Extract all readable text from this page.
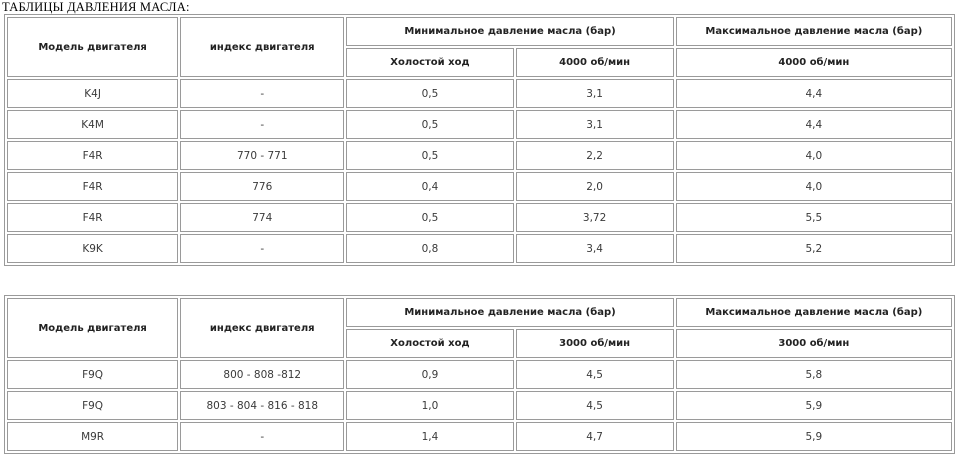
ТАБЛИЦЫ ДАВЛЕНИЯ МАСЛА:
Модель двигателя	индекс двигателя	Минимальное давление масла (бар)		Максимальное давление масла (бар)
		Холостой ход	4000 об/мин	4000 об/мин
K4J	-	0,5	3,1	4,4
K4M	-	0,5	3,1	4,4
F4R	770 - 771	0,5	2,2	4,0
F4R	776	0,4	2,0	4,0
F4R	774	0,5	3,72	5,5
K9K	-	0,8	3,4	5,2
Модель двигателя	индекс двигателя	Минимальное давление масла (бар)		Максимальное давление масла (бар)
		Холостой ход	3000 об/мин	3000 об/мин
F9Q	800 - 808 -812	0,9	4,5	5,8
F9Q	803 - 804 - 816 - 818	1,0	4,5	5,9
M9R	-	1,4	4,7	5,9
